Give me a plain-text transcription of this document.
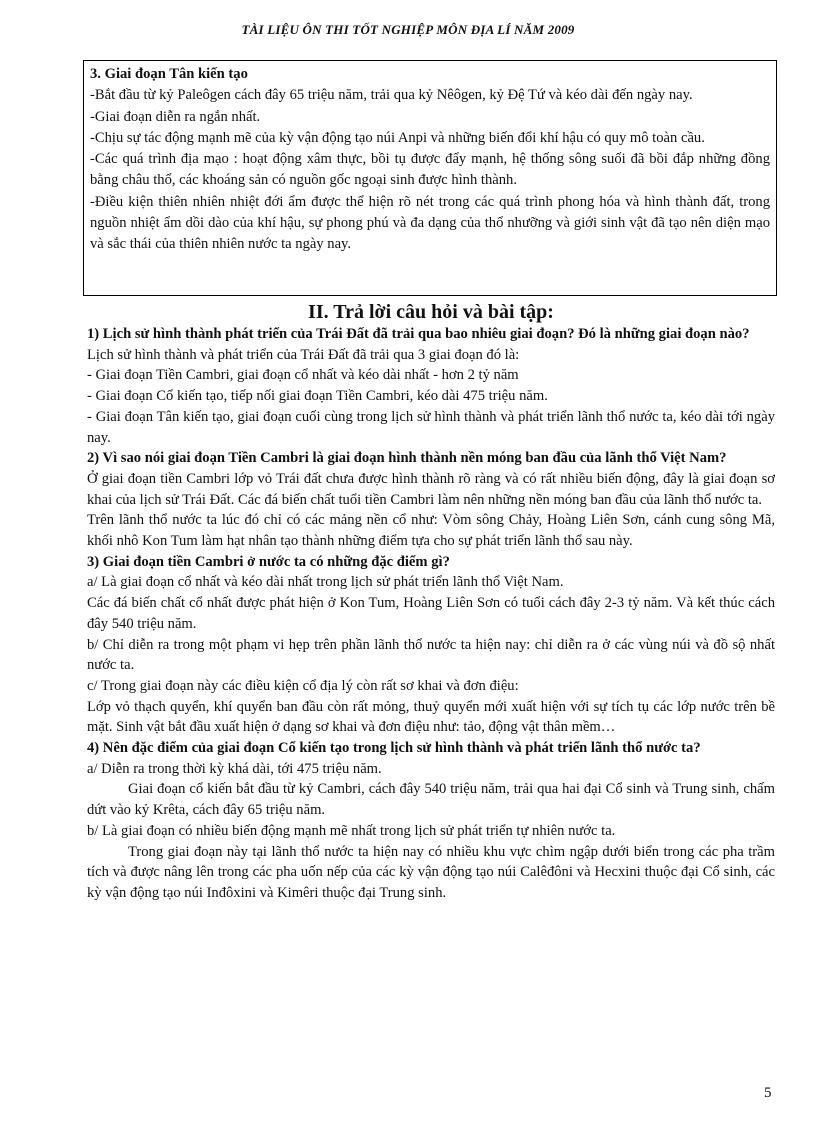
TÀI LIỆU ÔN THI TỐT NGHIỆP MÔN ĐỊA LÍ NĂM 2009

3. Giai đoạn Tân kiến tạo

-Bắt đầu từ kỷ Paleôgen cách đây 65 triệu năm, trải qua kỷ Nêôgen, kỷ Đệ Tứ và kéo dài đến ngày nay.

-Giai đoạn diễn ra ngắn nhất.

-Chịu sự tác động mạnh mẽ của kỳ vận động tạo núi Anpi và những biến đổi khí hậu có quy mô toàn cầu.

-Các quá trình địa mạo : hoạt động xâm thực, bồi tụ được đẩy mạnh, hệ thống sông suối đã bồi đắp những đồng bằng châu thổ, các khoáng sản có nguồn gốc ngoại sinh được hình thành.

-Điều kiện thiên nhiên nhiệt đới ẩm được thể hiện rõ nét trong các quá trình phong hóa và hình thành đất, trong nguồn nhiệt ẩm dồi dào của khí hậu, sự phong phú và đa dạng của thổ nhưỡng và giới sinh vật đã tạo nên diện mạo và sắc thái của thiên nhiên nước ta ngày nay.

II. Trả lời câu hỏi và bài tập:

1) Lịch sử hình thành phát triển của Trái Đất đã trải qua bao nhiêu giai đoạn? Đó là những giai đoạn nào?

Lịch sử hình thành và phát triển của Trái Đất đã trải qua 3 giai đoạn đó là:

- Giai đoạn Tiền Cambri, giai đoạn cổ nhất và kéo dài nhất - hơn 2 tỷ năm

- Giai đoạn Cổ kiến tạo, tiếp nối giai đoạn Tiền Cambri, kéo dài 475 triệu năm.

- Giai đoạn Tân kiến tạo, giai đoạn cuối cùng trong lịch sử hình thành và phát triển lãnh thổ nước ta, kéo dài tới ngày nay.

2) Vì sao nói giai đoạn Tiền Cambri là giai đoạn hình thành nền móng ban đầu của lãnh thổ Việt Nam?

Ở giai đoạn tiền Cambri lớp vỏ Trái đất chưa được hình thành rõ ràng và có rất nhiều biến động, đây là giai đoạn sơ khai của lịch sử Trái Đất. Các đá biến chất tuổi tiền Cambri làm nên những nền móng ban đầu của lãnh thổ nước ta.

Trên lãnh thổ nước ta lúc đó chỉ có các mảng nền cổ như: Vòm sông Chảy, Hoàng Liên Sơn, cánh cung sông Mã, khối nhô Kon Tum làm hạt nhân tạo thành những điểm tựa cho sự phát triển lãnh thổ sau này.

3) Giai đoạn tiền Cambri ở nước ta có những đặc điểm gì?

a/ Là giai đoạn cổ nhất và kéo dài nhất trong lịch sử phát triển lãnh thổ Việt Nam.

Các đá biến chất cổ nhất được phát hiện ở Kon Tum, Hoàng Liên Sơn có tuổi cách đây 2-3 tỷ năm. Và kết thúc cách đây 540 triệu năm.

b/ Chỉ diễn ra trong một phạm vi hẹp trên phần lãnh thổ nước ta hiện nay: chỉ diễn ra ở các vùng núi và đồ sộ nhất nước ta.

c/ Trong giai đoạn này các điều kiện cổ địa lý còn rất sơ khai và đơn điệu:

Lớp vỏ thạch quyển, khí quyển ban đầu còn rất mỏng, thuỷ quyển mới xuất hiện với sự tích tụ các lớp nước trên bề mặt. Sinh vật bắt đầu xuất hiện ở dạng sơ khai và đơn điệu như: tảo, động vật thân mềm…

4) Nên đặc điểm của giai đoạn Cổ kiến tạo trong lịch sử hình thành và phát triển lãnh thổ nước ta?

a/ Diễn ra trong thời kỳ khá dài, tới 475 triệu năm.

Giai đoạn cổ kiến bắt đầu từ kỷ Cambri, cách đây 540 triệu năm, trải qua hai đại Cổ sinh và Trung sinh, chấm dứt vào kỷ Krêta, cách đây 65 triệu năm.

b/ Là giai đoạn có nhiều biến động mạnh mẽ nhất trong lịch sử phát triển tự nhiên nước ta.

Trong giai đoạn này tại lãnh thổ nước ta hiện nay có nhiều khu vực chìm ngập dưới biển trong các pha trầm tích và được nâng lên trong các pha uốn nếp của các kỳ vận động tạo núi Calêđôni và Hecxini thuộc đại Cổ sinh, các kỳ vận động tạo núi Inđôxini và Kimêri thuộc đại Trung sinh.

5
